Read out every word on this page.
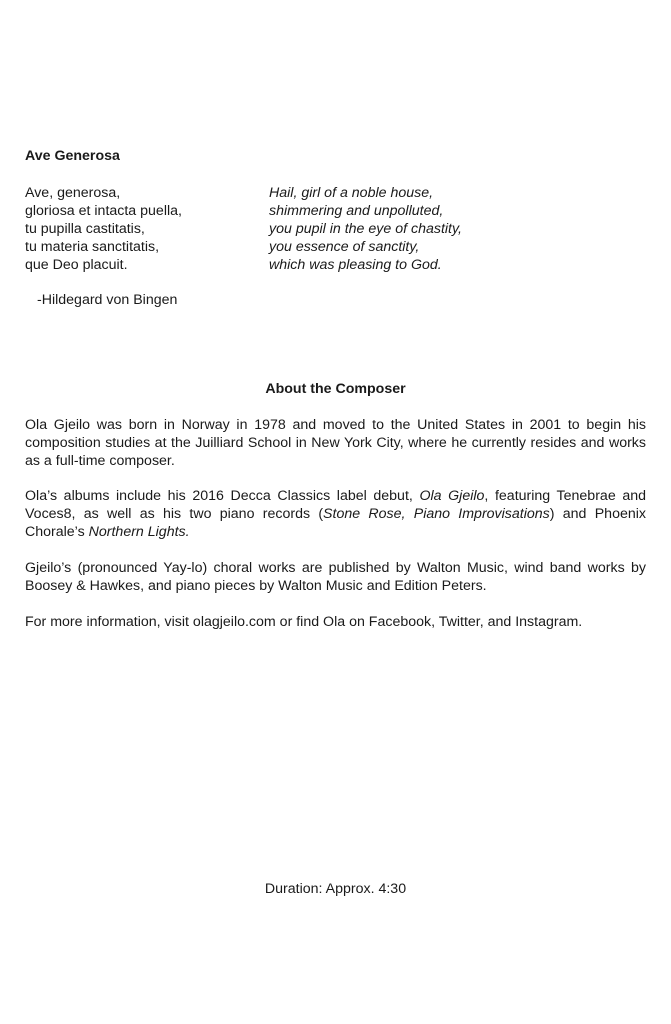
Ave Generosa
Ave, generosa,
gloriosa et intacta puella,
tu pupilla castitatis,
tu materia sanctitatis,
que Deo placuit.
Hail, girl of a noble house,
shimmering and unpolluted,
you pupil in the eye of chastity,
you essence of sanctity,
which was pleasing to God.
-Hildegard von Bingen
About the Composer

Ola Gjeilo was born in Norway in 1978 and moved to the United States in 2001 to begin his composition studies at the Juilliard School in New York City, where he currently resides and works as a full-time composer.

Ola’s albums include his 2016 Decca Classics label debut, Ola Gjeilo, featuring Tenebrae and Voces8, as well as his two piano records (Stone Rose, Piano Improvisations) and Phoenix Chorale’s Northern Lights.

Gjeilo’s (pronounced Yay-lo) choral works are published by Walton Music, wind band works by Boosey & Hawkes, and piano pieces by Walton Music and Edition Peters.

For more information, visit olagjeilo.com or find Ola on Facebook, Twitter, and Instagram.

Duration: Approx. 4:30
